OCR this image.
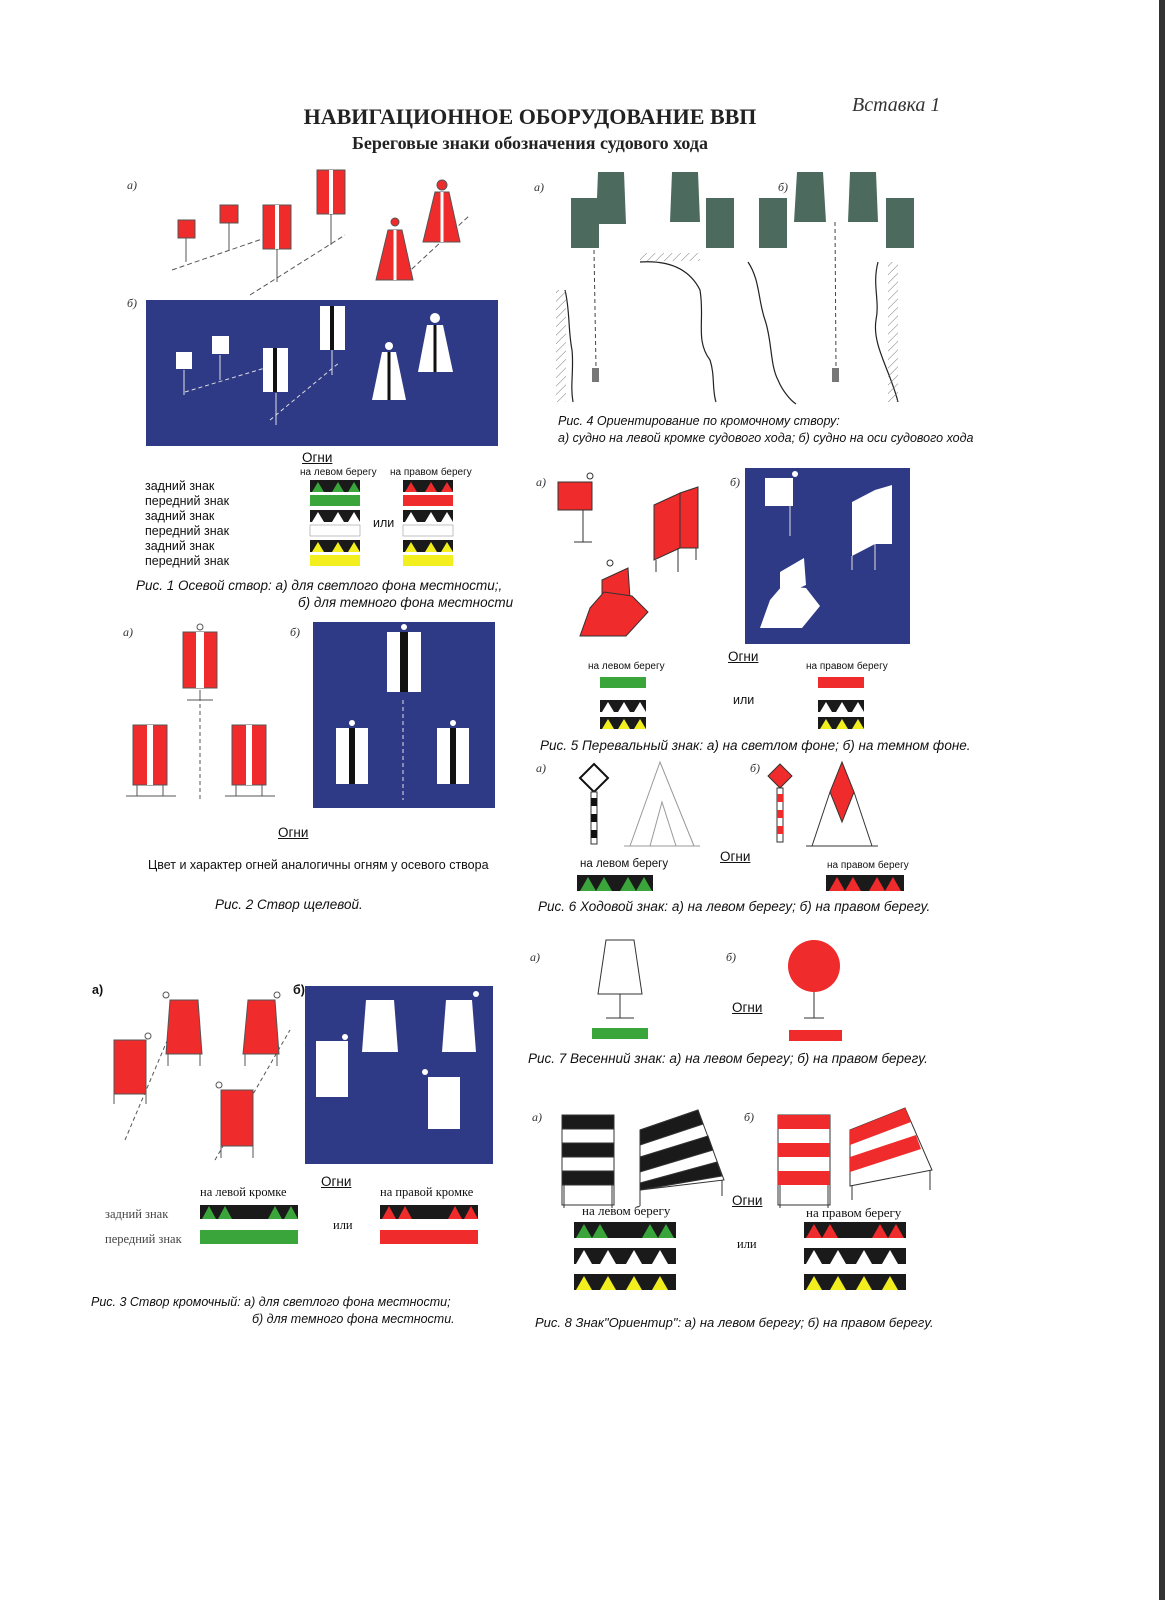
Вставка 1
НАВИГАЦИОННОЕ ОБОРУДОВАНИЕ ВВП
Береговые знаки обозначения судового хода
а)
б)
Огни
на левом берегу на правом берегу
задний знак
передний знак
задний знак
передний знак
задний знак
передний знак
или
Рис. 1 Осевой створ: а) для светлого фона местности;,
б) для темного фона местности
а)	б)
Огни
Цвет и характер огней аналогичны огням у осевого створа
Рис. 2 Створ щелевой.
а)	б)
Огни
на левой кромке	на правой кромке
задний знак
передний знак
или
Рис. 3 Створ кромочный: а) для светлого фона местности;
б) для темного фона местности.
а)	б)
Рис. 4 Ориентирование по кромочному створу:
а) судно на левой кромке судового хода; б) судно на оси судового хода
а)	б)
Огни
на левом берегу	на правом берегу
или
Рис. 5 Перевальный знак: а) на светлом фоне; б) на темном фоне.
а)	б)
Огни
на левом берегу	на правом берегу
Рис. 6 Ходовой знак: а) на левом берегу; б) на правом берегу.
а)	б)
Огни
Рис. 7 Весенний знак: а) на левом берегу; б) на правом берегу.
а)	б)
Огни
на левом берегу	на правом берегу
или
Рис. 8 Знак"Ориентир": а) на левом берегу; б) на правом берегу.
